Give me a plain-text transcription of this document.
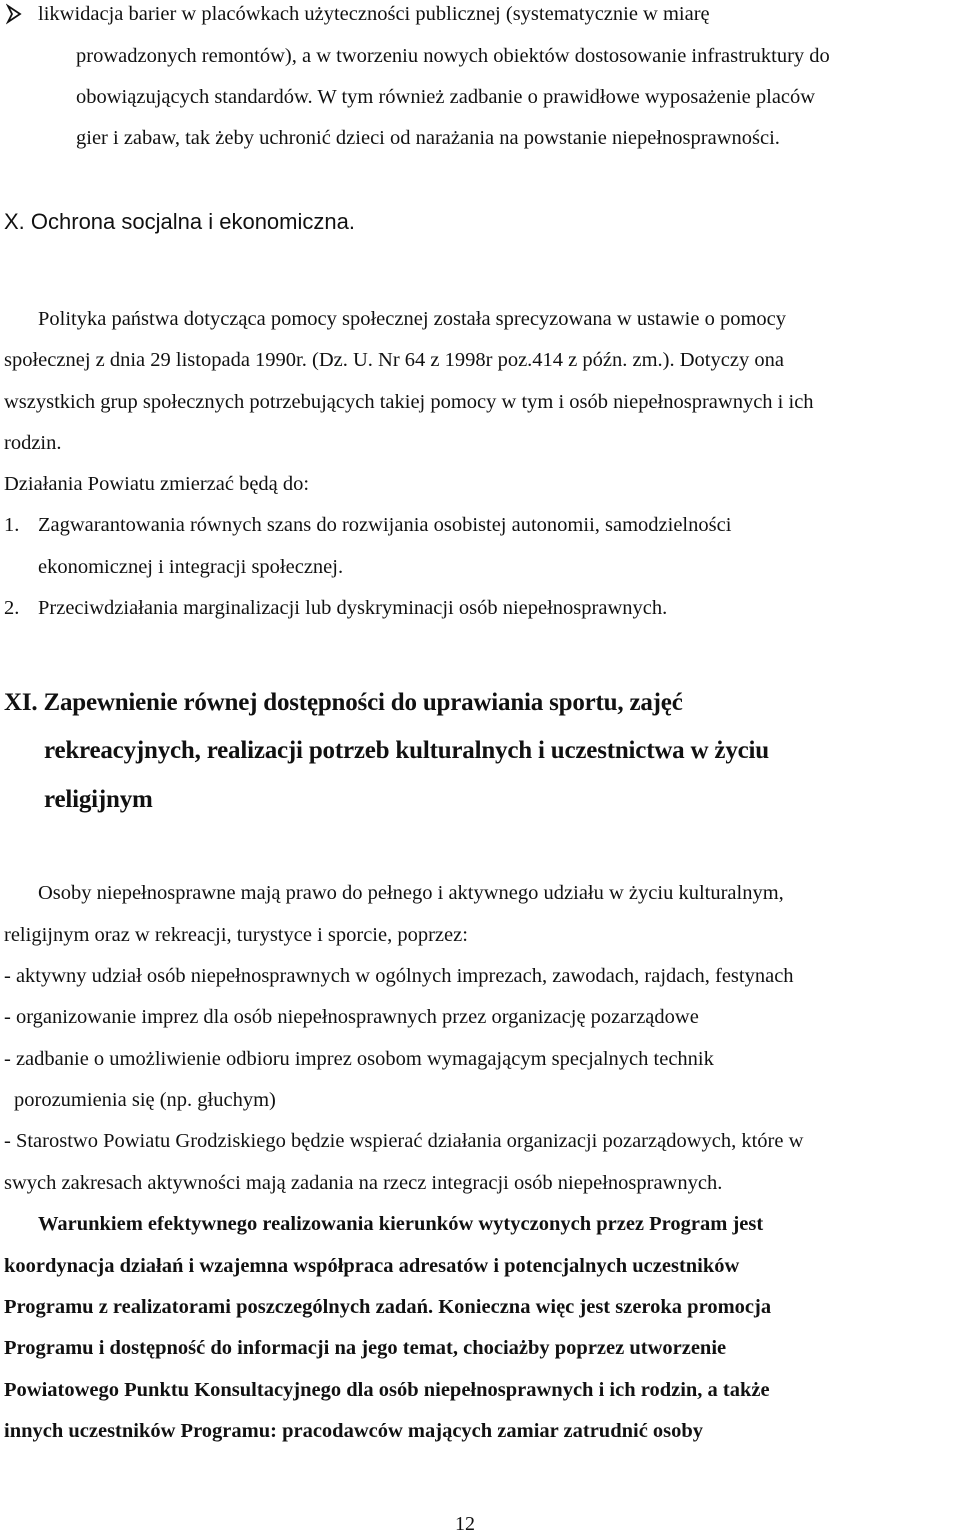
likwidacja barier w placówkach użyteczności publicznej (systematycznie w miarę
prowadzonych remontów), a w tworzeniu nowych obiektów dostosowanie infrastruktury do
obowiązujących standardów. W tym również zadbanie o prawidłowe wyposażenie placów
gier i zabaw, tak żeby uchronić dzieci od narażania na powstanie niepełnosprawności.
X. Ochrona socjalna i ekonomiczna.
Polityka państwa dotycząca pomocy społecznej została sprecyzowana w ustawie o pomocy
społecznej z dnia 29 listopada 1990r. (Dz. U. Nr 64 z 1998r poz.414 z późn. zm.). Dotyczy ona
wszystkich grup społecznych potrzebujących takiej pomocy w tym i osób niepełnosprawnych i ich
rodzin.
Działania Powiatu zmierzać będą do:
1. Zagwarantowania równych szans do rozwijania osobistej autonomii, samodzielności
ekonomicznej i integracji społecznej.
2. Przeciwdziałania marginalizacji lub dyskryminacji osób niepełnosprawnych.
XI. Zapewnienie równej dostępności do uprawiania sportu, zajęć
rekreacyjnych, realizacji potrzeb kulturalnych i uczestnictwa w życiu
religijnym
Osoby niepełnosprawne mają prawo do pełnego i aktywnego udziału w życiu kulturalnym,
religijnym oraz w rekreacji, turystyce i sporcie, poprzez:
- aktywny udział osób niepełnosprawnych w ogólnych imprezach, zawodach, rajdach, festynach
- organizowanie imprez dla osób niepełnosprawnych przez organizację pozarządowe
- zadbanie o umożliwienie odbioru imprez osobom wymagającym specjalnych technik
porozumienia się (np. głuchym)
- Starostwo Powiatu Grodziskiego będzie wspierać działania organizacji pozarządowych, które w
swych zakresach aktywności mają zadania na rzecz integracji osób niepełnosprawnych.
Warunkiem efektywnego realizowania kierunków wytyczonych przez Program jest
koordynacja działań i wzajemna współpraca adresatów i potencjalnych uczestników
Programu z realizatorami poszczególnych zadań. Konieczna więc jest szeroka promocja
Programu i dostępność do informacji na jego temat, chociażby poprzez utworzenie
Powiatowego Punktu Konsultacyjnego dla osób niepełnosprawnych i ich rodzin, a także
innych uczestników Programu: pracodawców mających zamiar zatrudnić osoby
12
